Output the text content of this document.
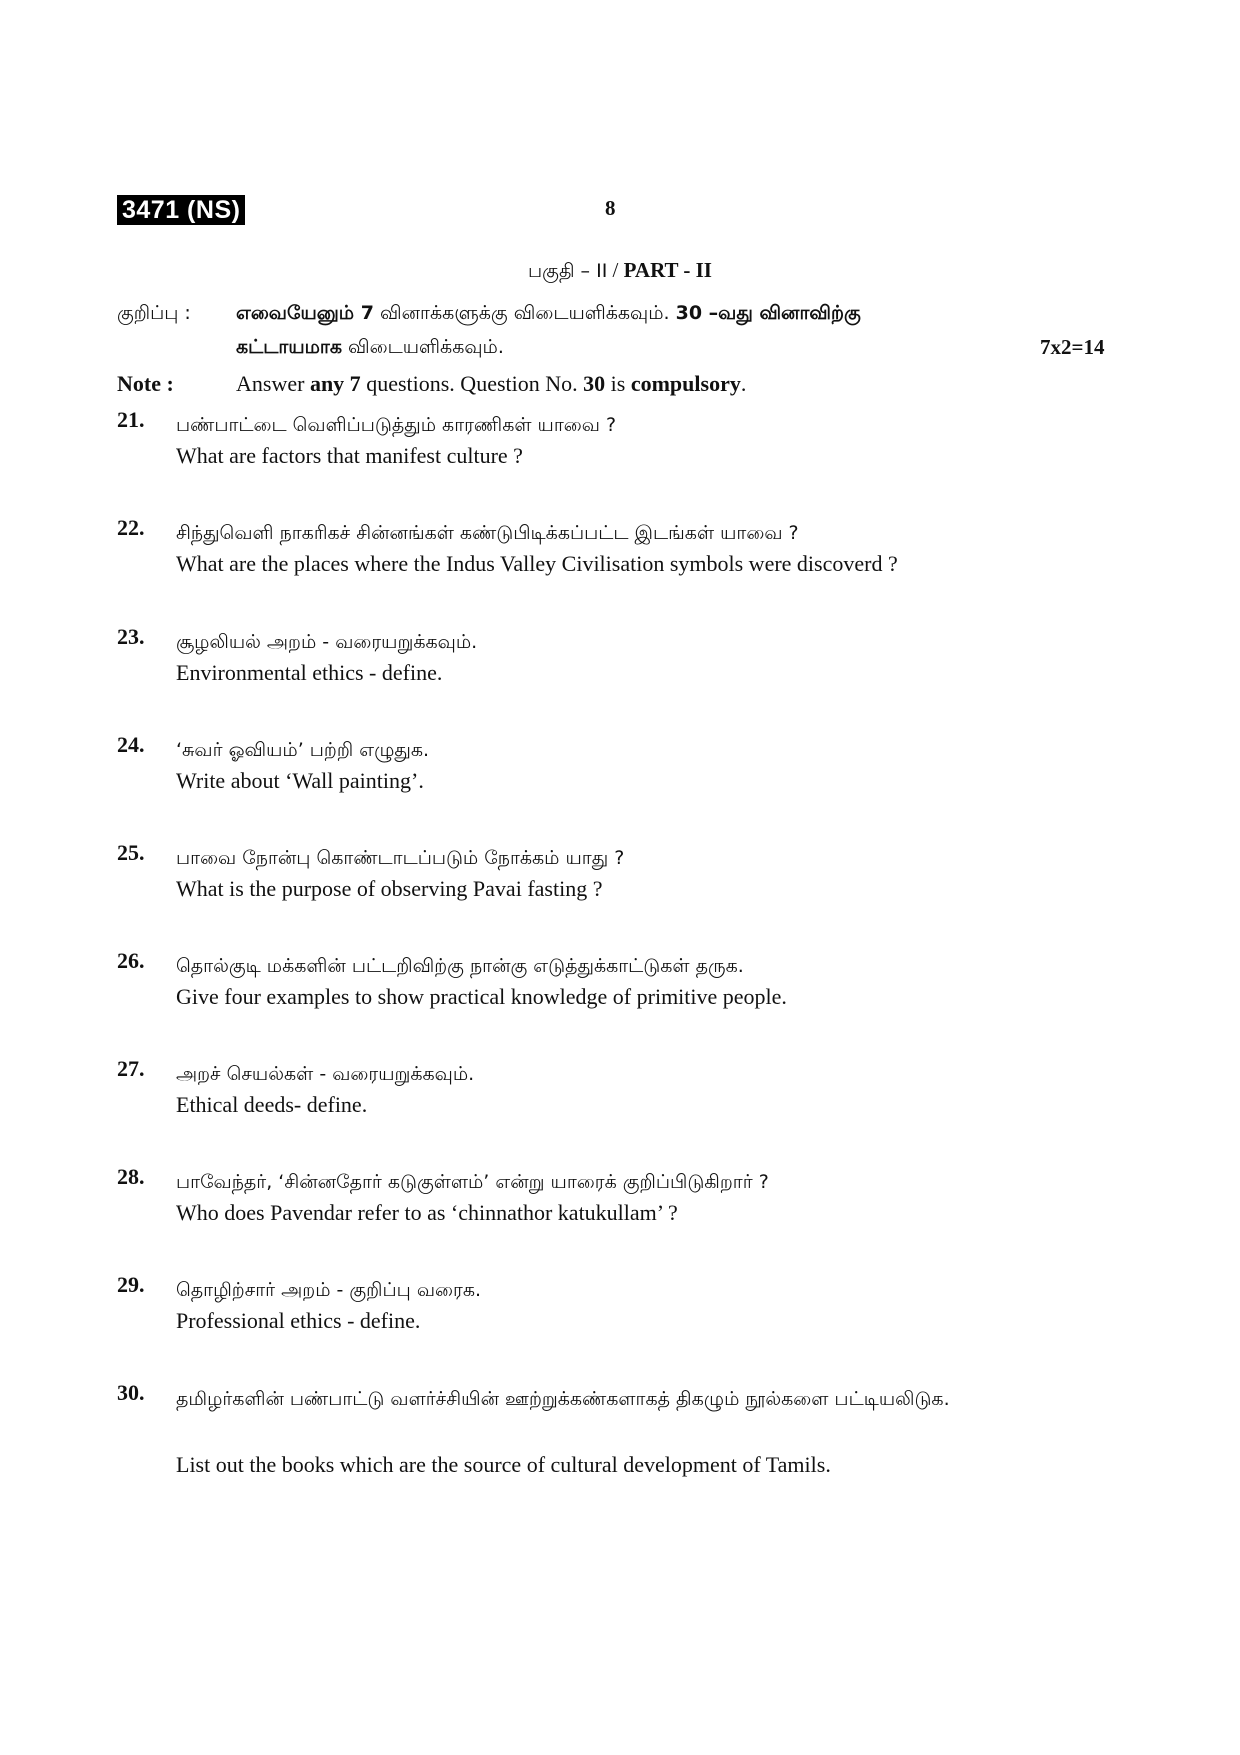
3471 (NS)	8
பகுதி – II / PART - II
குறிப்பு : எவையேனும் 7 வினாக்களுக்கு விடையளிக்கவும். 30 –வது வினாவிற்கு
கட்டாயமாக விடையளிக்கவும்.	7x2=14
Note :	Answer any 7 questions. Question No. 30 is compulsory.
21. பண்பாட்டை வெளிப்படுத்தும் காரணிகள் யாவை ?
What are factors that manifest culture ?
22. சிந்துவெளி நாகரிகச் சின்னங்கள் கண்டுபிடிக்கப்பட்ட இடங்கள் யாவை ?
What are the places where the Indus Valley Civilisation symbols were discoverd ?
23. சூழலியல் அறம் - வரையறுக்கவும்.
Environmental ethics - define.
24. ‘சுவர் ஓவியம்’ பற்றி எழுதுக.
Write about ‘Wall painting’.
25. பாவை நோன்பு கொண்டாடப்படும் நோக்கம் யாது ?
What is the purpose of observing Pavai fasting ?
26. தொல்குடி மக்களின் பட்டறிவிற்கு நான்கு எடுத்துக்காட்டுகள் தருக.
Give four examples to show practical knowledge of primitive people.
27. அறச் செயல்கள் - வரையறுக்கவும்.
Ethical deeds- define.
28. பாவேந்தர், ‘சின்னதோர் கடுகுள்ளம்’ என்று யாரைக் குறிப்பிடுகிறார் ?
Who does Pavendar refer to as ‘chinnathor katukullam’ ?
29. தொழிற்சார் அறம் - குறிப்பு வரைக.
Professional ethics - define.
30. தமிழர்களின் பண்பாட்டு வளர்ச்சியின் ஊற்றுக்கண்களாகத் திகழும் நூல்களை பட்டியலிடுக.
List out the books which are the source of cultural development of Tamils.
